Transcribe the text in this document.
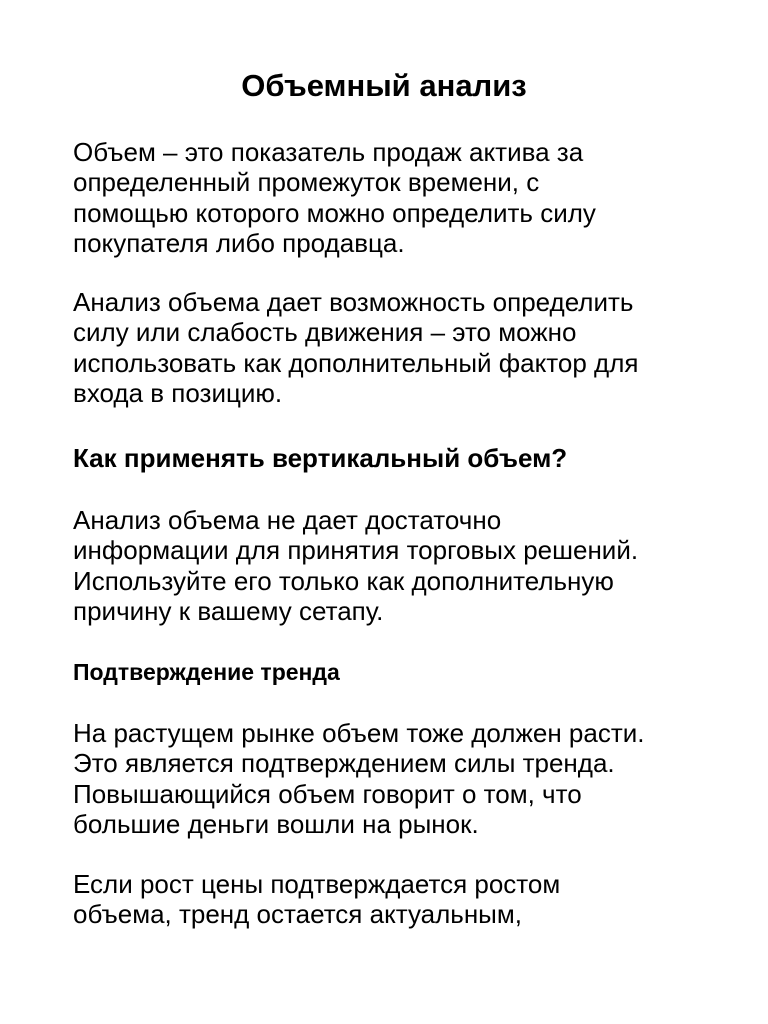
Объемный анализ

Объем – это показатель продаж актива за
определенный промежуток времени, с
помощью которого можно определить силу
покупателя либо продавца.

Анализ объема дает возможность определить
силу или слабость движения – это можно
использовать как дополнительный фактор для
входа в позицию.

Как применять вертикальный объем?

Анализ объема не дает достаточно
информации для принятия торговых решений.
Используйте его только как дополнительную
причину к вашему сетапу.

Подтверждение тренда

На растущем рынке объем тоже должен расти.
Это является подтверждением силы тренда.
Повышающийся объем говорит о том, что
большие деньги вошли на рынок.

Если рост цены подтверждается ростом
объема, тренд остается актуальным,
